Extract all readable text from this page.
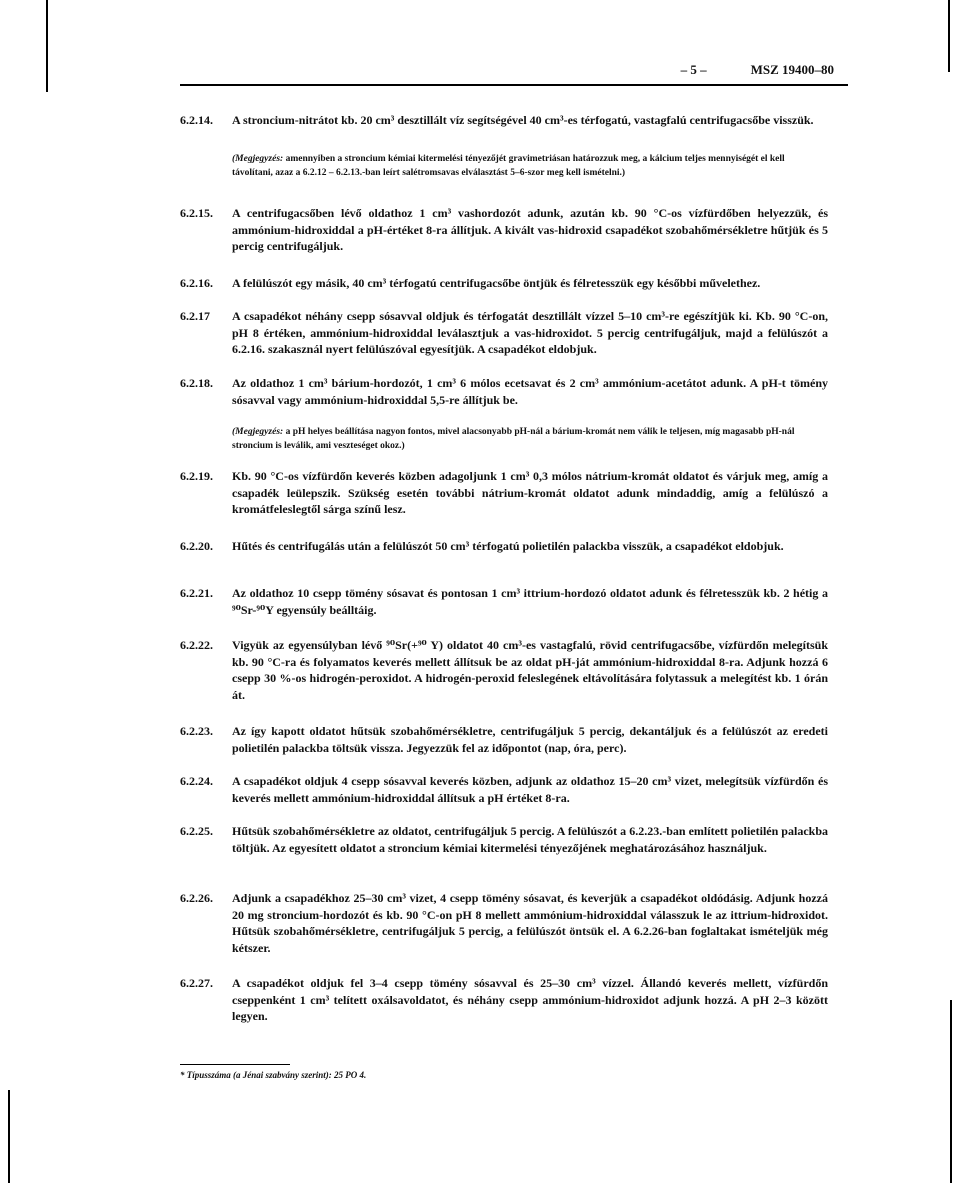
– 5 –	MSZ 19400–80
6.2.14.	A stroncium-nitrátot kb. 20 cm³ desztillált víz segítségével 40 cm³-es térfogatú, vastagfalú centrifugacsőbe visszük.
(Megjegyzés: amennyiben a stroncium kémiai kitermelési tényezőjét gravimetriásan határozzuk meg, a kálcium teljes mennyiségét el kell távolítani, azaz a 6.2.12 – 6.2.13.-ban leírt salétromsavas elválasztást 5–6-szor meg kell ismételni.)
6.2.15.	A centrifugacsőben lévő oldathoz 1 cm³ vashordozót adunk, azután kb. 90 °C-os vízfürdőben helyezzük, és ammónium-hidroxiddal a pH-értéket 8-ra állítjuk. A kivált vas-hidroxid csapadékot szobahőmérsékletre hűtjük és 5 percig centrifugáljuk.
6.2.16.	A felülúszót egy másik, 40 cm³ térfogatú centrifugacsőbe öntjük és félretesszük egy későbbi művelethez.
6.2.17	A csapadékot néhány csepp sósavval oldjuk és térfogatát desztillált vízzel 5–10 cm³-re egészítjük ki. Kb. 90 °C-on, pH 8 értéken, ammónium-hidroxiddal leválasztjuk a vas-hidroxidot. 5 percig centrifugáljuk, majd a felülúszót a 6.2.16. szakasznál nyert felülúszóval egyesítjük. A csapadékot eldobjuk.
6.2.18.	Az oldathoz 1 cm³ bárium-hordozót, 1 cm³ 6 mólos ecetsavat és 2 cm³ ammónium-acetátot adunk. A pH-t tömény sósavval vagy ammónium-hidroxiddal 5,5-re állítjuk be.
(Megjegyzés: a pH helyes beállítása nagyon fontos, mivel alacsonyabb pH-nál a bárium-kromát nem válik le teljesen, míg magasabb pH-nál stroncium is leválik, ami veszteséget okoz.)
6.2.19.	Kb. 90 °C-os vízfürdőn keverés közben adagoljunk 1 cm³ 0,3 mólos nátrium-kromát oldatot és várjuk meg, amíg a csapadék leülepszik. Szükség esetén további nátrium-kromát oldatot adunk mindaddig, amíg a felülúszó a kromátfeleslegtől sárga színű lesz.
6.2.20.	Hűtés és centrifugálás után a felülúszót 50 cm³ térfogatú polietilén palackba visszük, a csapadékot eldobjuk.
6.2.21.	Az oldathoz 10 csepp tömény sósavat és pontosan 1 cm³ ittrium-hordozó oldatot adunk és félretesszük kb. 2 hétig a ⁹⁰Sr-⁹⁰Y egyensúly beálltáig.
6.2.22.	Vigyük az egyensúlyban lévő ⁹⁰Sr(+⁹⁰ Y) oldatot 40 cm³-es vastagfalú, rövid centrifugacsőbe, vízfürdőn melegítsük kb. 90 °C-ra és folyamatos keverés mellett állítsuk be az oldat pH-ját ammónium-hidroxiddal 8-ra. Adjunk hozzá 6 csepp 30 %-os hidrogén-peroxidot. A hidrogén-peroxid feleslegének eltávolítására folytassuk a melegítést kb. 1 órán át.
6.2.23.	Az így kapott oldatot hűtsük szobahőmérsékletre, centrifugáljuk 5 percig, dekantáljuk és a felülúszót az eredeti polietilén palackba töltsük vissza. Jegyezzük fel az időpontot (nap, óra, perc).
6.2.24.	A csapadékot oldjuk 4 csepp sósavval keverés közben, adjunk az oldathoz 15–20 cm³ vizet, melegítsük vízfürdőn és keverés mellett ammónium-hidroxiddal állítsuk a pH értéket 8-ra.
6.2.25.	Hűtsük szobahőmérsékletre az oldatot, centrifugáljuk 5 percig. A felülúszót a 6.2.23.-ban említett polietilén palackba töltjük. Az egyesített oldatot a stroncium kémiai kitermelési tényezőjének meghatározásához használjuk.
6.2.26.	Adjunk a csapadékhoz 25–30 cm³ vizet, 4 csepp tömény sósavat, és keverjük a csapadékot oldódásig. Adjunk hozzá 20 mg stroncium-hordozót és kb. 90 °C-on pH 8 mellett ammónium-hidroxiddal válasszuk le az ittrium-hidroxidot. Hűtsük szobahőmérsékletre, centrifugáljuk 5 percig, a felülúszót öntsük el. A 6.2.26-ban foglaltakat ismételjük még kétszer.
6.2.27.	A csapadékot oldjuk fel 3–4 csepp tömény sósavval és 25–30 cm³ vízzel. Állandó keverés mellett, vízfürdőn cseppenként 1 cm³ telített oxálsavoldatot, és néhány csepp ammónium-hidroxidot adjunk hozzá. A pH 2–3 között legyen.
* Típusszáma (a Jénai szabvány szerint): 25 PO 4.
